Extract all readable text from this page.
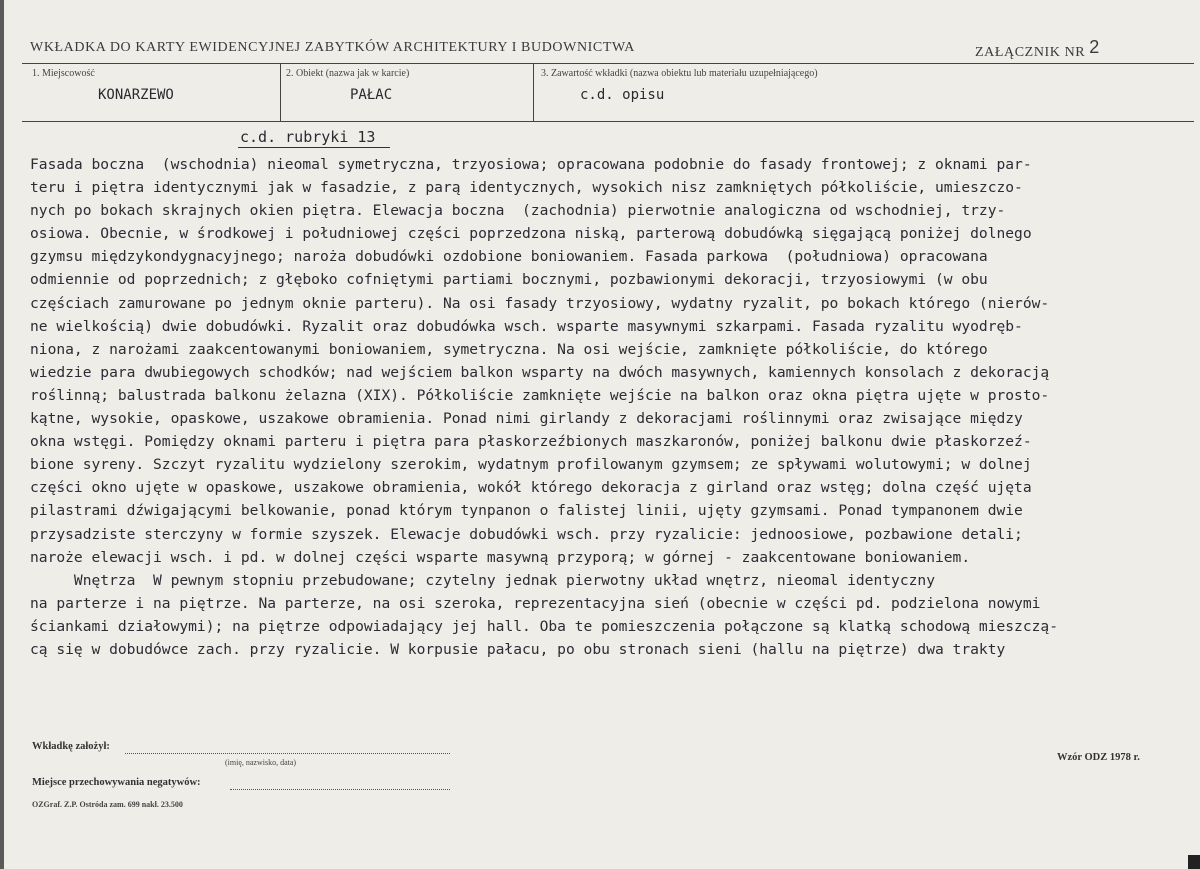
WKŁADKA DO KARTY EWIDENCYJNEJ ZABYTKÓW ARCHITEKTURY I BUDOWNICTWA	ZAŁĄCZNIK NR 2
1. Miejscowość
KONARZEWO
2. Obiekt (nazwa jak w karcie)
PAŁAC
3. Zawartość wkładki (nazwa obiektu lub materiału uzupełniającego)
c.d. opisu
c.d. rubryki 13
Fasada boczna  (wschodnia) nieomal symetryczna, trzyosiowa; opracowana podobnie do fasady frontowej; z oknami par-
teru i piętra identycznymi jak w fasadzie, z parą identycznych, wysokich nisz zamkniętych półkoliście, umieszczo-
nych po bokach skrajnych okien piętra. Elewacja boczna  (zachodnia) pierwotnie analogiczna od wschodniej, trzy-
osiowa. Obecnie, w środkowej i południowej części poprzedzona niską, parterową dobudówką sięgającą poniżej dolnego
gzymsu międzykondygnacyjnego; naroża dobudówki ozdobione boniowaniem. Fasada parkowa  (południowa) opracowana
odmiennie od poprzednich; z głęboko cofniętymi partiami bocznymi, pozbawionymi dekoracji, trzyosiowymi (w obu
częściach zamurowane po jednym oknie parteru). Na osi fasady trzyosiowy, wydatny ryzalit, po bokach którego (nierów-
ne wielkością) dwie dobudówki. Ryzalit oraz dobudówka wsch. wsparte masywnymi szkarpami. Fasada ryzalitu wyodręb-
niona, z narożami zaakcentowanymi boniowaniem, symetryczna. Na osi wejście, zamknięte półkoliście, do którego
wiedzie para dwubiegowych schodków; nad wejściem balkon wsparty na dwóch masywnych, kamiennych konsolach z dekoracją
roślinną; balustrada balkonu żelazna (XIX). Półkoliście zamknięte wejście na balkon oraz okna piętra ujęte w prosto-
kątne, wysokie, opaskowe, uszakowe obramienia. Ponad nimi girlandy z dekoracjami roślinnymi oraz zwisające między
okna wstęgi. Pomiędzy oknami parteru i piętra para płaskorzeźbionych maszkaronów, poniżej balkonu dwie płaskorzeź-
bione syreny. Szczyt ryzalitu wydzielony szerokim, wydatnym profilowanym gzymsem; ze spływami wolutowymi; w dolnej
części okno ujęte w opaskowe, uszakowe obramienia, wokół którego dekoracja z girland oraz wstęg; dolna część ujęta
pilastrami dźwigającymi belkowanie, ponad którym tynpanon o falistej linii, ujęty gzymsami. Ponad tympanonem dwie
przysadziste sterczyny w formie szyszek. Elewacje dobudówki wsch. przy ryzalicie: jednoosiowe, pozbawione detali;
naroże elewacji wsch. i pd. w dolnej części wsparte masywną przyporą; w górnej - zaakcentowane boniowaniem.
Wnętrza  W pewnym stopniu przebudowane; czytelny jednak pierwotny układ wnętrz, nieomal identyczny
na parterze i na piętrze. Na parterze, na osi szeroka, reprezentacyjna sień (obecnie w części pd. podzielona nowymi
ściankami działowymi); na piętrze odpowiadający jej hall. Oba te pomieszczenia połączone są klatką schodową mieszczą-
cą się w dobudówce zach. przy ryzalicie. W korpusie pałacu, po obu stronach sieni (hallu na piętrze) dwa trakty
Wkładkę założył:
(imię, nazwisko, data)	Wzór ODZ 1978 r.
Miejsce przechowywania negatywów:
OZGraf. Z.P. Ostróda zam. 699 nakł. 23.500
